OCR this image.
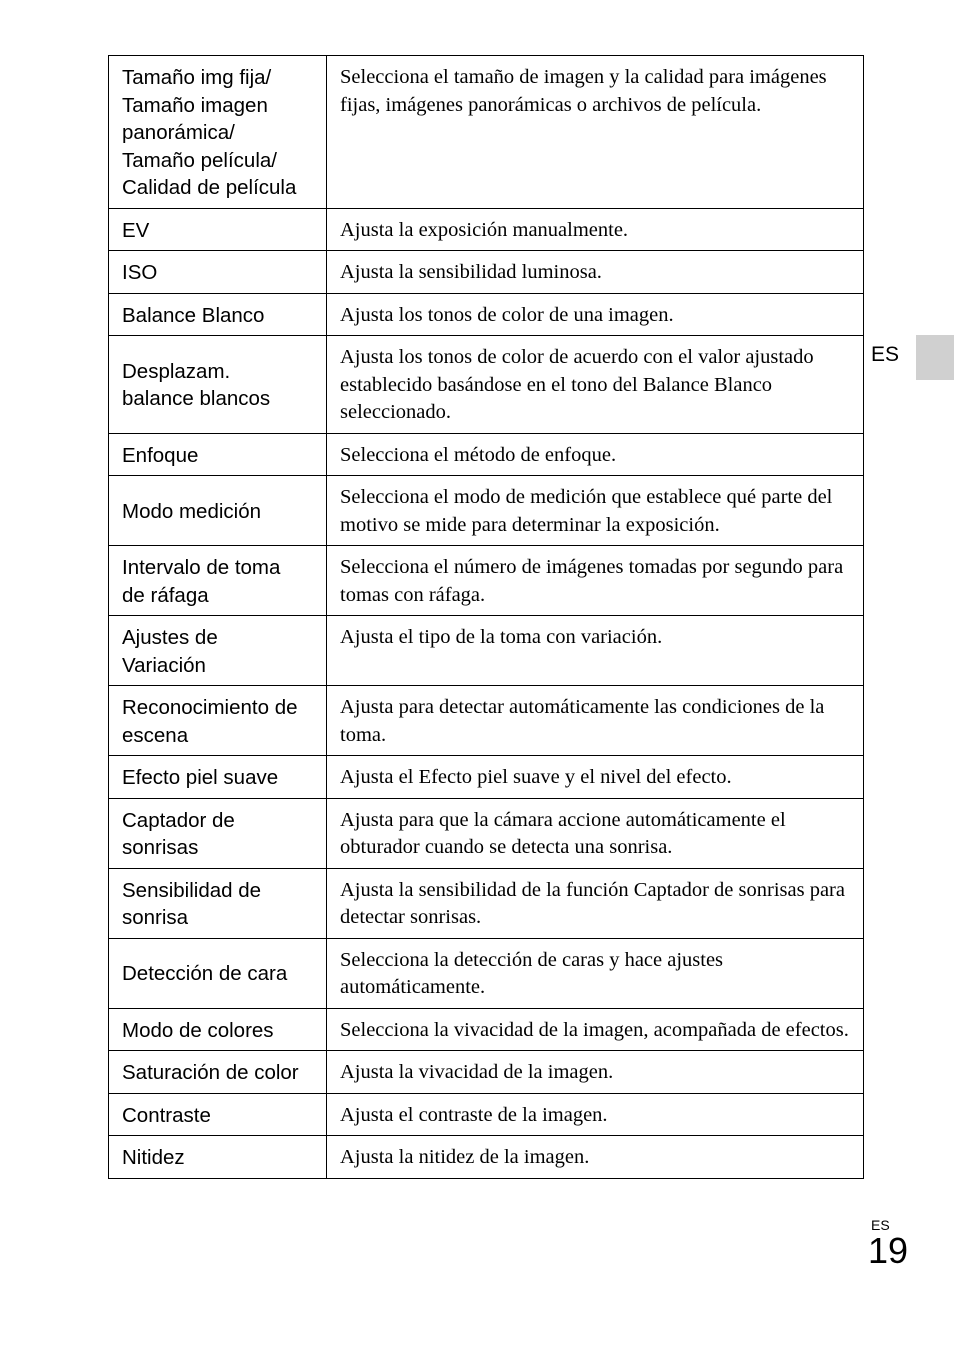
ES
Tamaño img fija/
Tamaño imagen
panorámica/
Tamaño película/
Calidad de película	Selecciona el tamaño de imagen y la calidad para imágenes fijas, imágenes panorámicas o archivos de película.
EV	Ajusta la exposición manualmente.
ISO	Ajusta la sensibilidad luminosa.
Balance Blanco	Ajusta los tonos de color de una imagen.
Desplazam.
balance blancos	Ajusta los tonos de color de acuerdo con el valor ajustado establecido basándose en el tono del Balance Blanco seleccionado.
Enfoque	Selecciona el método de enfoque.
Modo medición	Selecciona el modo de medición que establece qué parte del motivo se mide para determinar la exposición.
Intervalo de toma
de ráfaga	Selecciona el número de imágenes tomadas por segundo para tomas con ráfaga.
Ajustes de
Variación	Ajusta el tipo de la toma con variación.
Reconocimiento de
escena	Ajusta para detectar automáticamente las condiciones de la toma.
Efecto piel suave	Ajusta el Efecto piel suave y el nivel del efecto.
Captador de
sonrisas	Ajusta para que la cámara accione automáticamente el obturador cuando se detecta una sonrisa.
Sensibilidad de
sonrisa	Ajusta la sensibilidad de la función Captador de sonrisas para detectar sonrisas.
Detección de cara	Selecciona la detección de caras y hace ajustes automáticamente.
Modo de colores	Selecciona la vivacidad de la imagen, acompañada de efectos.
Saturación de color	Ajusta la vivacidad de la imagen.
Contraste	Ajusta el contraste de la imagen.
Nitidez	Ajusta la nitidez de la imagen.
ES
19
